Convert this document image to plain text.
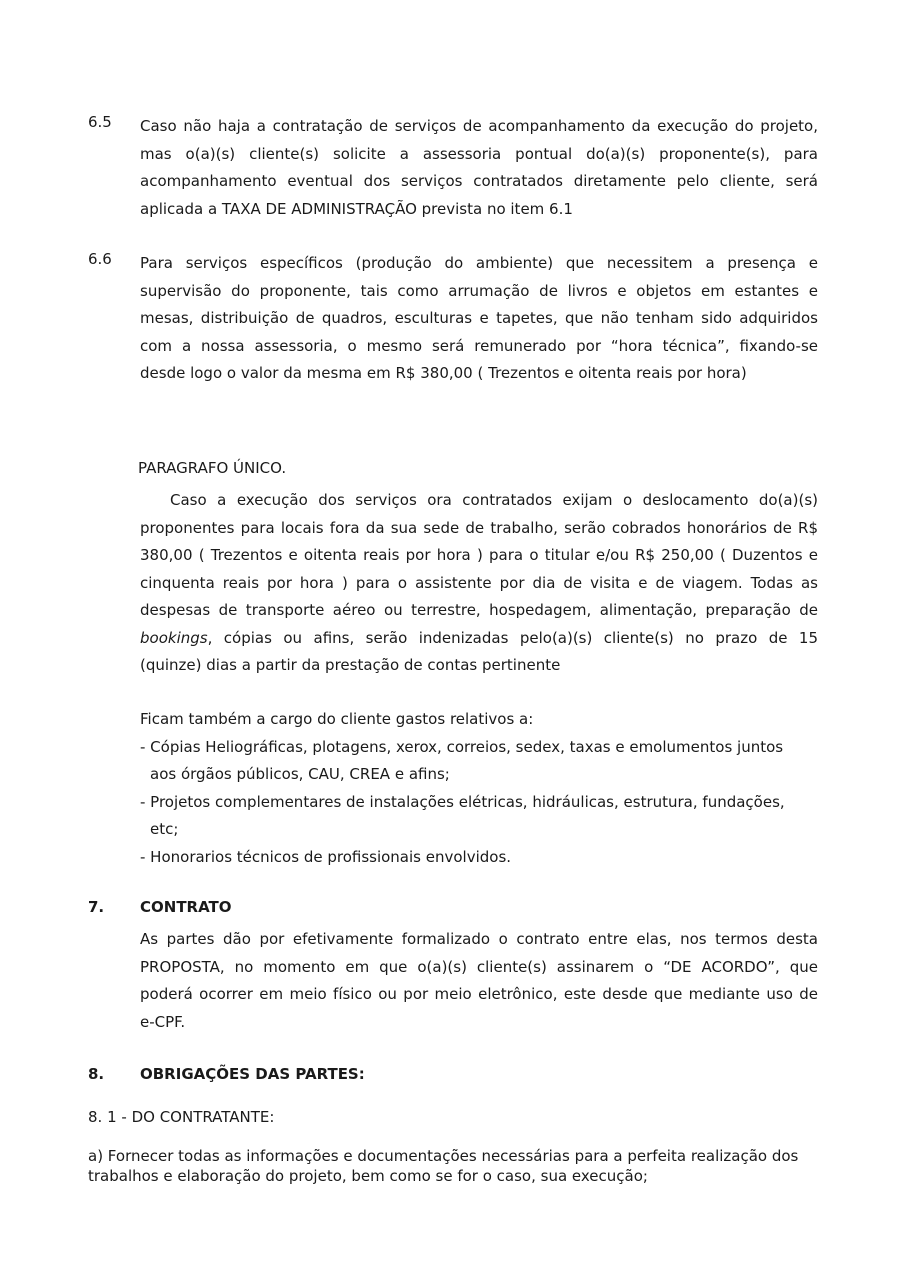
6.5 Caso não haja a contratação de serviços de acompanhamento da execução do projeto,
mas o(a)(s) cliente(s) solicite a assessoria pontual do(a)(s) proponente(s), para
acompanhamento eventual dos serviços contratados diretamente pelo cliente, será
aplicada a TAXA DE ADMINISTRAÇÃO prevista no item 6.1
6.6 Para serviços específicos (produção do ambiente) que necessitem a presença e
supervisão do proponente, tais como arrumação de livros e objetos em estantes e
mesas, distribuição de quadros, esculturas e tapetes, que não tenham sido adquiridos
com a nossa assessoria, o mesmo será remunerado por “hora técnica”, fixando-se
desde logo o valor da mesma em R$ 380,00 ( Trezentos e oitenta reais por hora)
PARAGRAFO ÚNICO.
Caso a execução dos serviços ora contratados exijam o deslocamento do(a)(s)
proponentes para locais fora da sua sede de trabalho, serão cobrados honorários de R$
380,00 ( Trezentos e oitenta reais por hora ) para o titular e/ou R$ 250,00 ( Duzentos e
cinquenta reais por hora ) para o assistente por dia de visita e de viagem. Todas as
despesas de transporte aéreo ou terrestre, hospedagem, alimentação, preparação de
bookings, cópias ou afins, serão indenizadas pelo(a)(s) cliente(s) no prazo de 15
(quinze) dias a partir da prestação de contas pertinente
Ficam também a cargo do cliente gastos relativos a:
- Cópias Heliográficas, plotagens, xerox, correios, sedex, taxas e emolumentos juntos
aos órgãos públicos, CAU, CREA e afins;
- Projetos complementares de instalações elétricas, hidráulicas, estrutura, fundações,
etc;
- Honorarios técnicos de profissionais envolvidos.
7. CONTRATO
As partes dão por efetivamente formalizado o contrato entre elas, nos termos desta
PROPOSTA, no momento em que o(a)(s) cliente(s) assinarem o “DE ACORDO”, que
poderá ocorrer em meio físico ou por meio eletrônico, este desde que mediante uso de
e-CPF.
8. OBRIGAÇÕES DAS PARTES:
8. 1 - DO CONTRATANTE:
a) Fornecer todas as informações e documentações necessárias para a perfeita realização dos
trabalhos e elaboração do projeto, bem como se for o caso, sua execução;
